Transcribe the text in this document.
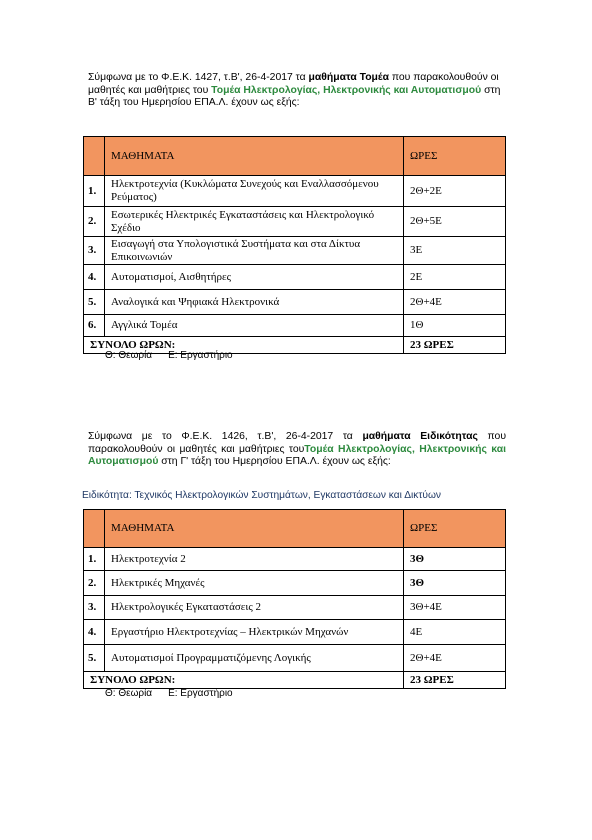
Σύμφωνα με το Φ.Ε.Κ. 1427, τ.Β', 26-4-2017 τα μαθήματα Τομέα που παρακολουθούν οι μαθητές και μαθήτριες του Τομέα Ηλεκτρολογίας, Ηλεκτρονικής και Αυτοματισμού στη Β' τάξη του Ημερησίου ΕΠΑ.Λ. έχουν ως εξής:
	ΜΑΘΗΜΑΤΑ	ΩΡΕΣ
1.	Ηλεκτροτεχνία (Κυκλώματα Συνεχούς και Εναλλασσόμενου Ρεύματος)	2Θ+2Ε
2.	Εσωτερικές Ηλεκτρικές Εγκαταστάσεις και Ηλεκτρολογικό Σχέδιο	2Θ+5Ε
3.	Εισαγωγή στα Υπολογιστικά Συστήματα και στα Δίκτυα Επικοινωνιών	3Ε
4.	Αυτοματισμοί, Αισθητήρες	2Ε
5.	Αναλογικά και Ψηφιακά Ηλεκτρονικά	2Θ+4Ε
6.	Αγγλικά Τομέα	1Θ
ΣΥΝΟΛΟ ΩΡΩΝ:		23 ΩΡΕΣ
Θ: Θεωρία Ε: Εργαστήριο
Σύμφωνα με το Φ.Ε.Κ. 1426, τ.Β', 26-4-2017 τα μαθήματα Ειδικότητας που παρακολουθούν οι μαθητές και μαθήτριες τουΤομέα Ηλεκτρολογίας, Ηλεκτρονικής και Αυτοματισμού στη Γ' τάξη του Ημερησίου ΕΠΑ.Λ. έχουν ως εξής:
Ειδικότητα: Τεχνικός Ηλεκτρολογικών Συστημάτων, Εγκαταστάσεων και Δικτύων
	ΜΑΘΗΜΑΤΑ	ΩΡΕΣ
1.	Ηλεκτροτεχνία 2	3Θ
2.	Ηλεκτρικές Μηχανές	3Θ
3.	Ηλεκτρολογικές Εγκαταστάσεις 2	3Θ+4Ε
4.	Εργαστήριο Ηλεκτροτεχνίας – Ηλεκτρικών Μηχανών	4Ε
5.	Αυτοματισμοί Προγραμματιζόμενης Λογικής	2Θ+4Ε
ΣΥΝΟΛΟ ΩΡΩΝ:		23 ΩΡΕΣ
Θ: Θεωρία Ε: Εργαστήριο
